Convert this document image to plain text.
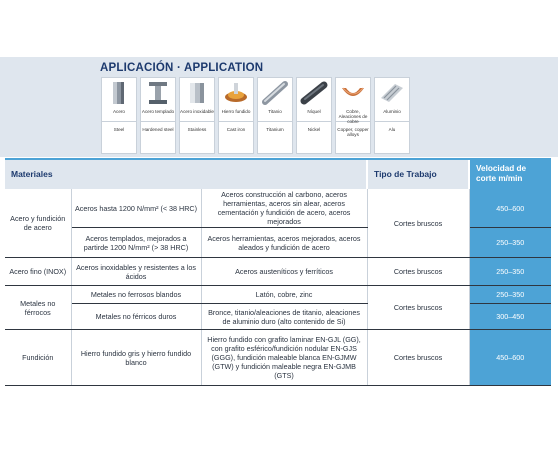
APLICACIÓN · APPLICATION
Acero
Steel
Acero templado
Hardened steel
Acero inoxidable
Stainless
Hierro fundido
Cast iron
Titanio
Titanium
Níquel
Nickel
Cobre, Aleaciones de cobre
Copper, copper alloys
Aluminio
Alu
Materiales			Tipo de Trabajo	Velocidad de corte m/min
Acero y fundición de acero	Aceros hasta 1200 N/mm² (< 38 HRC)	Aceros construcción al carbono, aceros herramientas, aceros sin alear, aceros cementación y fundición de acero, aceros mejorados	Cortes bruscos	450–600
	Aceros templados, mejorados a partirde 1200 N/mm² (> 38 HRC)	Aceros herramientas, aceros mejorados, aceros aleados y fundición de acero		250–350
Acero fino (INOX)	Aceros inoxidables y resistentes a los ácidos	Aceros austeníticos y ferríticos	Cortes bruscos	250–350
Metales no férrocos	Metales no ferrosos blandos	Latón, cobre, zinc	Cortes bruscos	250–350
	Metales no férricos duros	Bronce, titanio/aleaciones de titanio, aleaciones de aluminio duro (alto contenido de Si)		300–450
Fundición	Hierro fundido gris y hierro fundido blanco	Hierro fundido con grafito laminar EN-GJL (GG), con grafito esférico/fundición nodular EN-GJS (GGG), fundición maleable blanca EN-GJMW (GTW) y fundición maleable negra EN-GJMB (GTS)	Cortes bruscos	450–600
